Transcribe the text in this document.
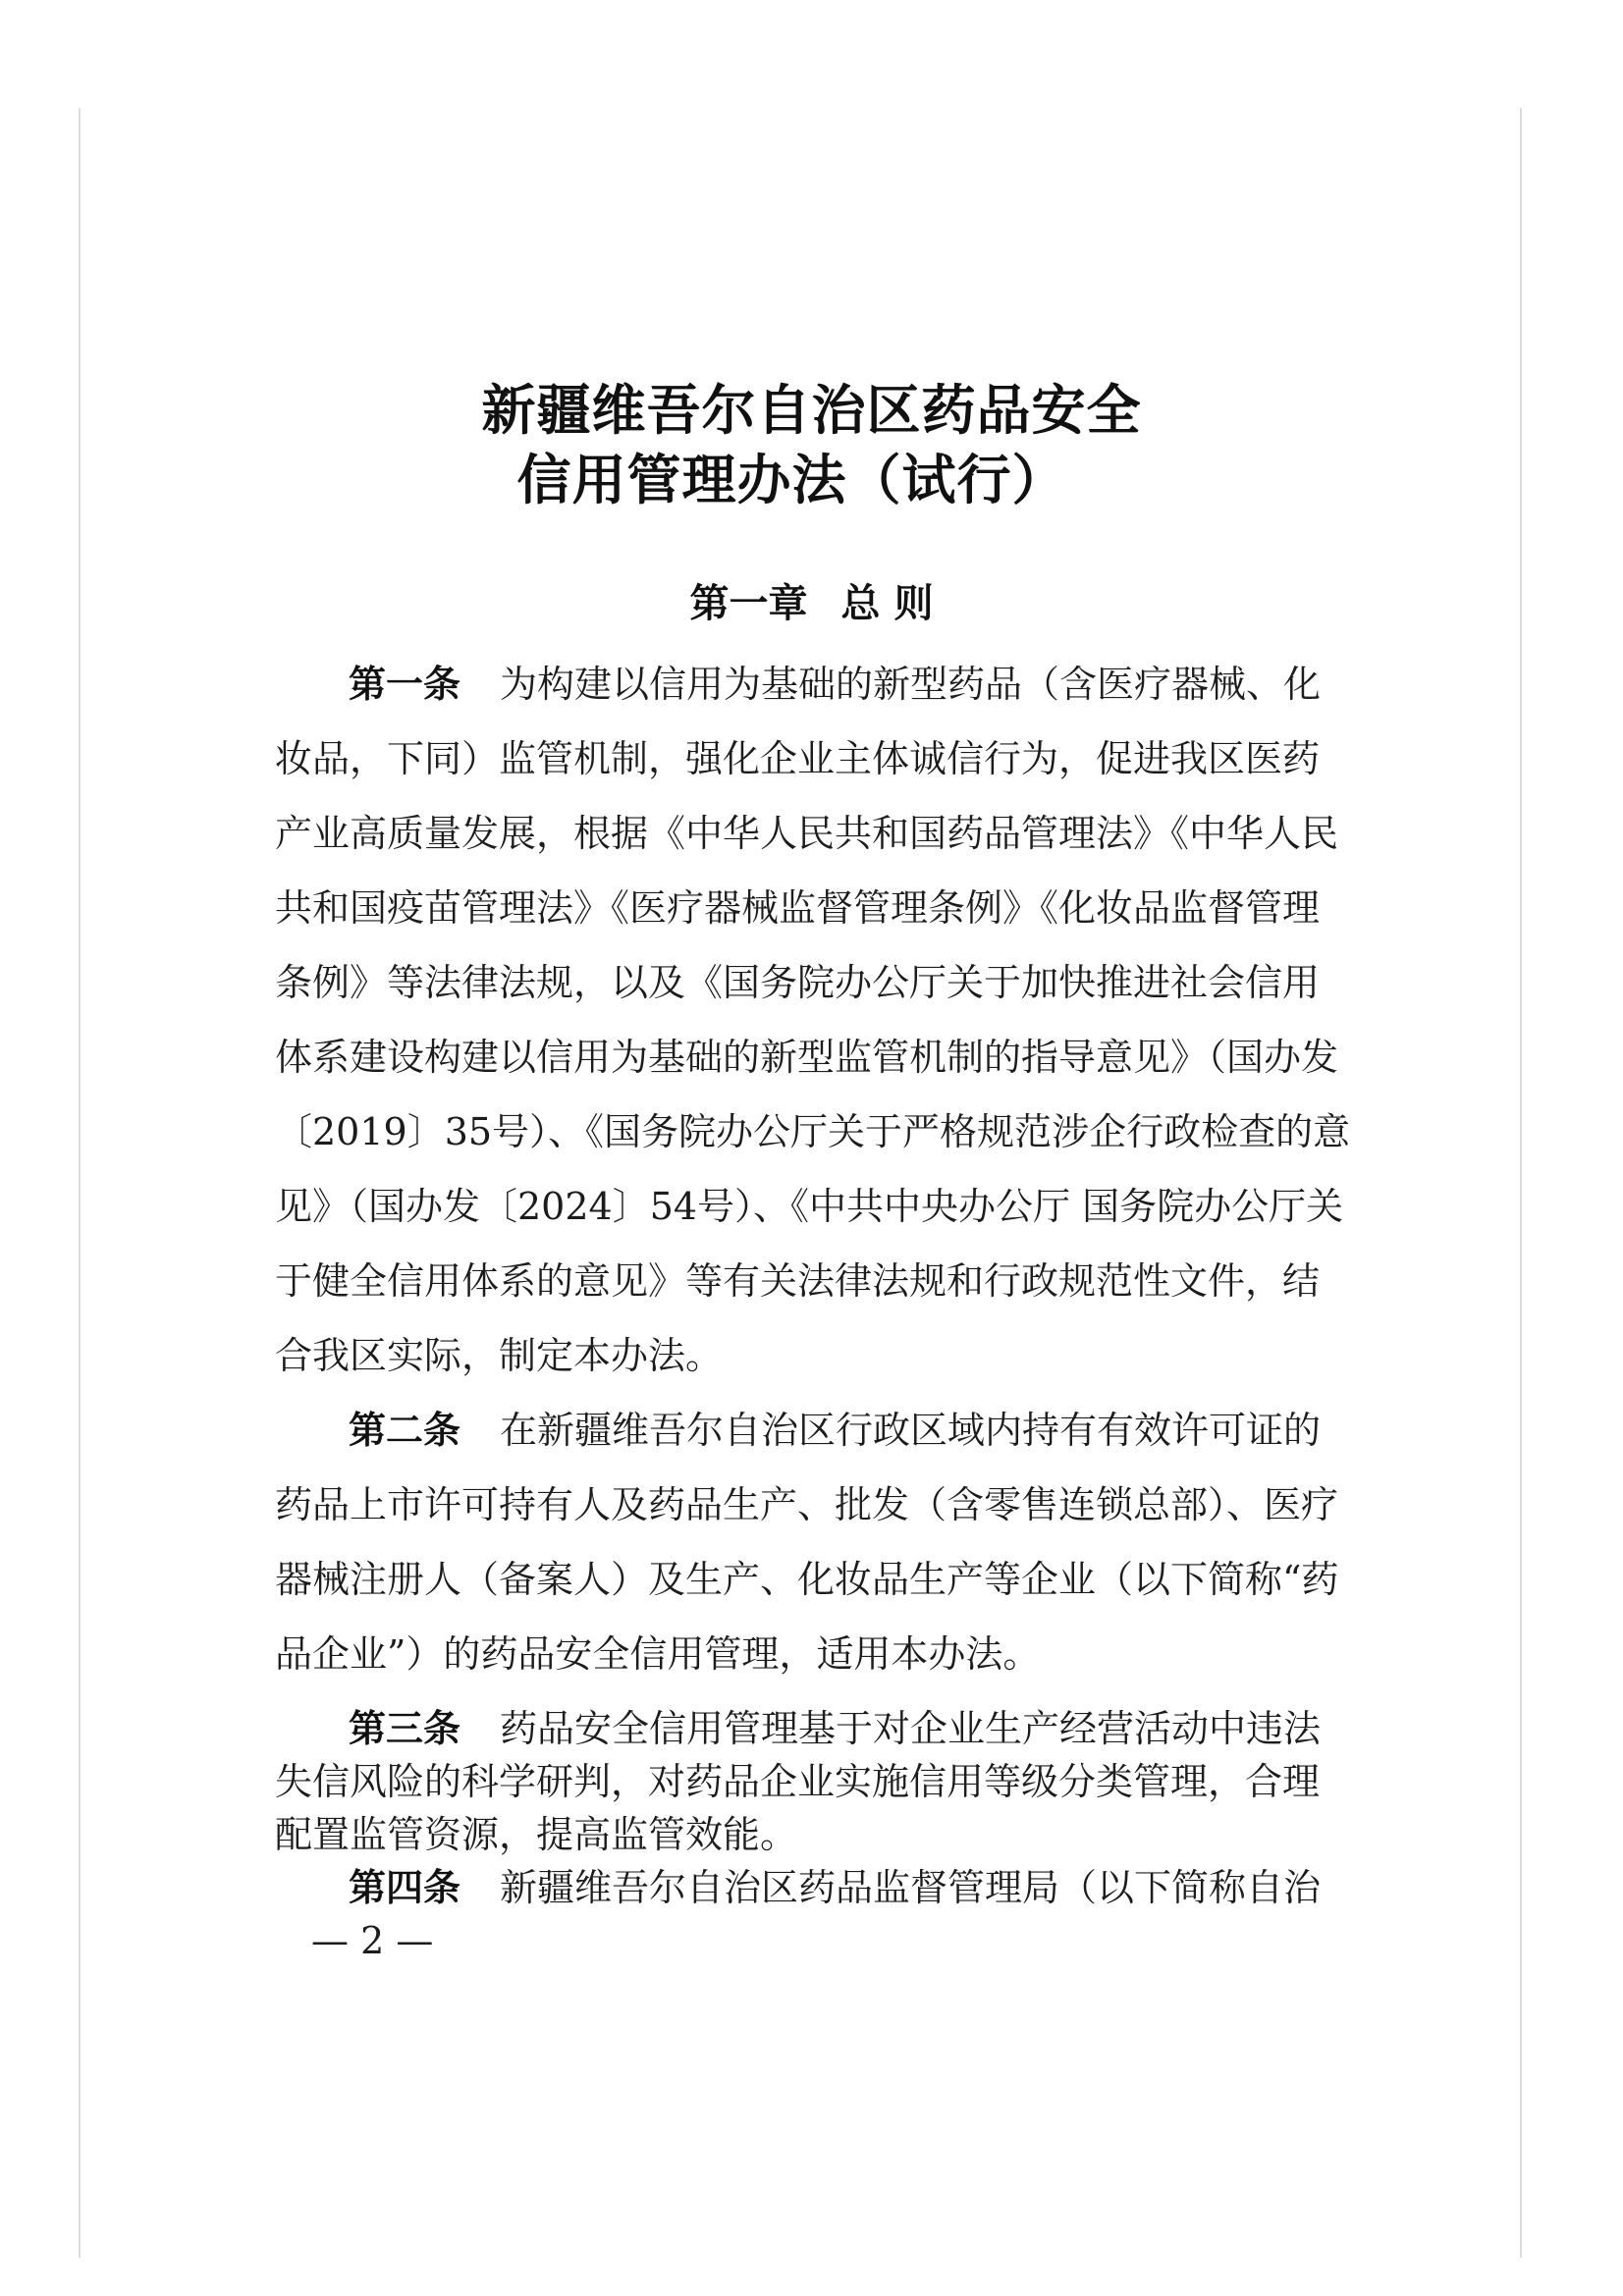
新疆维吾尔自治区药品安全
信用管理办法（试行）
第一章 总 则
第一条 为构建以信用为基础的新型药品（含医疗器械、化
妆品，下同）监管机制，强化企业主体诚信行为，促进我区医药
产业高质量发展，根据《中华人民共和国药品管理法》《中华人民
共和国疫苗管理法》《医疗器械监督管理条例》《化妆品监督管理
条例》等法律法规，以及《国务院办公厅关于加快推进社会信用
体系建设构建以信用为基础的新型监管机制的指导意见》（国办发
〔2019〕35号）、《国务院办公厅关于严格规范涉企行政检查的意
见》（国办发〔2024〕54号）、《中共中央办公厅 国务院办公厅关
于健全信用体系的意见》等有关法律法规和行政规范性文件，结
合我区实际，制定本办法。
第二条 在新疆维吾尔自治区行政区域内持有有效许可证的
药品上市许可持有人及药品生产、批发（含零售连锁总部）、医疗
器械注册人（备案人）及生产、化妆品生产等企业（以下简称“药
品企业”）的药品安全信用管理，适用本办法。
第三条 药品安全信用管理基于对企业生产经营活动中违法
失信风险的科学研判，对药品企业实施信用等级分类管理，合理
配置监管资源，提高监管效能。
第四条 新疆维吾尔自治区药品监督管理局（以下简称自治
— 2 —
